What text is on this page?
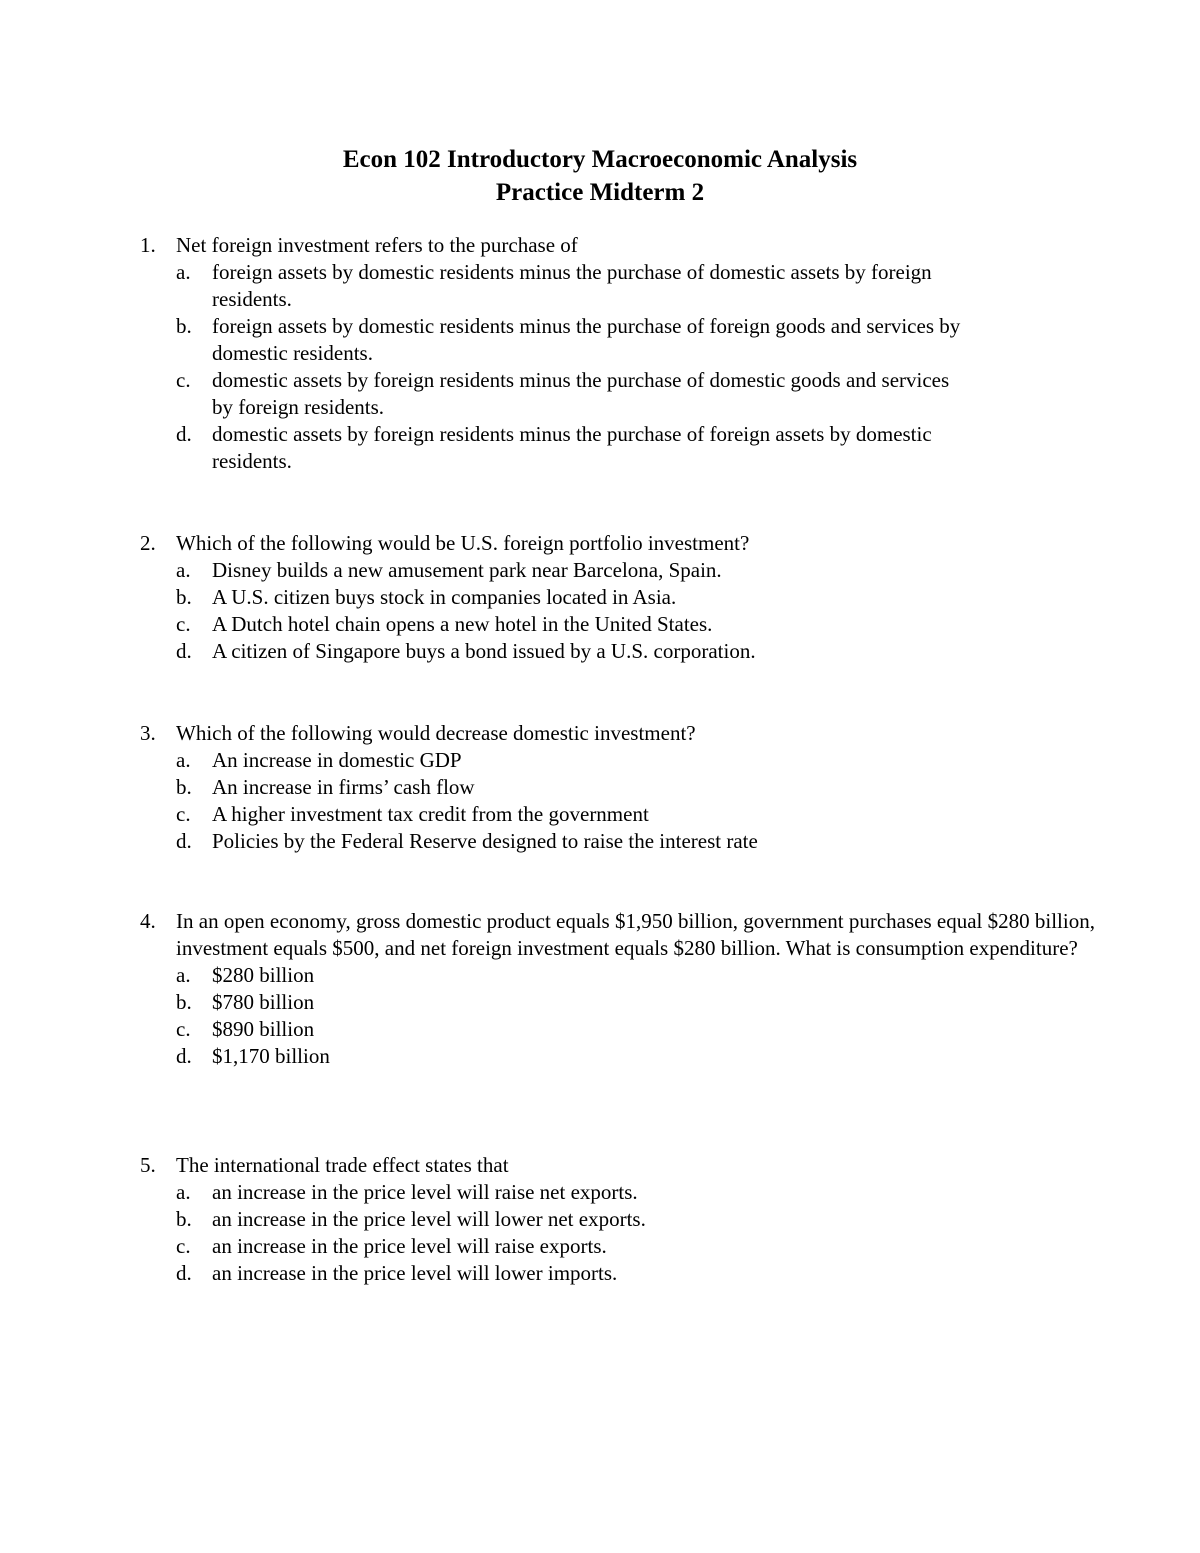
Econ 102 Introductory Macroeconomic Analysis
Practice Midterm 2
1. Net foreign investment refers to the purchase of
a.	foreign assets by domestic residents minus the purchase of domestic assets by foreign residents.
b. foreign assets by domestic residents minus the purchase of foreign goods and services by domestic residents.
c.	domestic assets by foreign residents minus the purchase of domestic goods and services by foreign residents.
d. domestic assets by foreign residents minus the purchase of foreign assets by domestic residents.
2. Which of the following would be U.S. foreign portfolio investment?
a.	Disney builds a new amusement park near Barcelona, Spain.
b. A U.S. citizen buys stock in companies located in Asia.
c.	A Dutch hotel chain opens a new hotel in the United States.
d. A citizen of Singapore buys a bond issued by a U.S. corporation.
3. Which of the following would decrease domestic investment?
a.	An increase in domestic GDP
b. An increase in firms’ cash flow
c.	A higher investment tax credit from the government
d. Policies by the Federal Reserve designed to raise the interest rate
4. In an open economy, gross domestic product equals $1,950 billion, government purchases equal $280 billion, investment equals $500, and net foreign investment equals $280 billion. What is consumption expenditure?
a.	$280 billion
b. $780 billion
c.	$890 billion
d. $1,170 billion
5. The international trade effect states that
a.	an increase in the price level will raise net exports.
b. an increase in the price level will lower net exports.
c.	an increase in the price level will raise exports.
d. an increase in the price level will lower imports.
